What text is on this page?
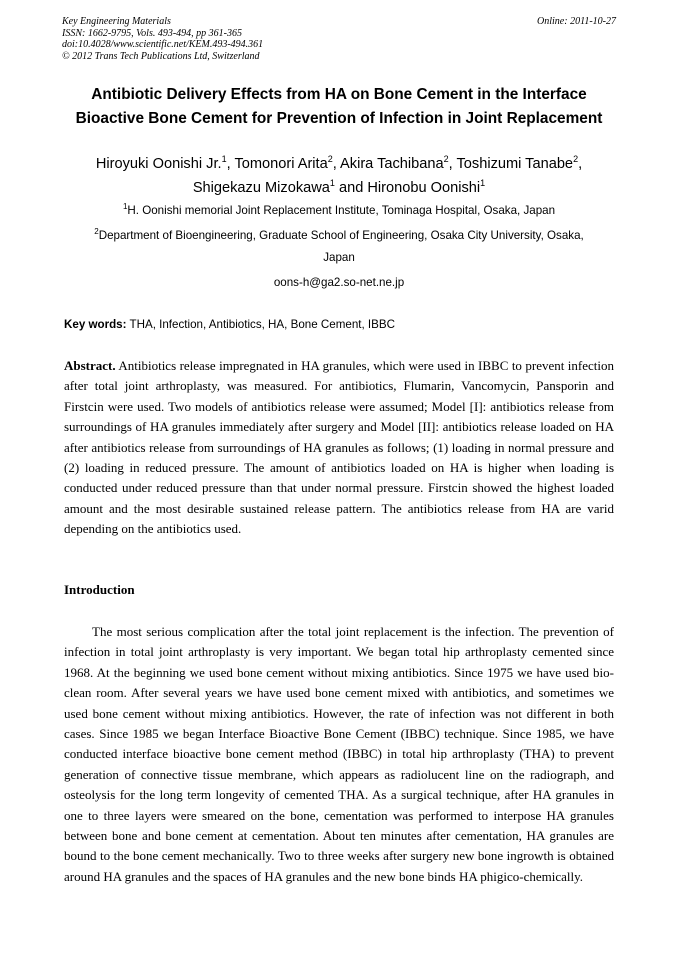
Key Engineering Materials	Online: 2011-10-27
ISSN: 1662-9795, Vols. 493-494, pp 361-365
doi:10.4028/www.scientific.net/KEM.493-494.361
© 2012 Trans Tech Publications Ltd, Switzerland
Antibiotic Delivery Effects from HA on Bone Cement in the Interface
Bioactive Bone Cement for Prevention of Infection in Joint Replacement
Hiroyuki Oonishi Jr.$^1$, Tomonori Arita$^2$, Akira Tachibana$^2$, Toshizumi Tanabe$^2$,
Shigekazu Mizokawa$^1$ and Hironobu Oonishi$^1$
$^1$H. Oonishi memorial Joint Replacement Institute, Tominaga Hospital, Osaka, Japan
$^2$Department of Bioengineering, Graduate School of Engineering, Osaka City University, Osaka,
Japan
oons-h@ga2.so-net.ne.jp
Key words: THA, Infection, Antibiotics, HA, Bone Cement, IBBC
Abstract. Antibiotics release impregnated in HA granules, which were used in IBBC to prevent infection after total joint arthroplasty, was measured. For antibiotics, Flumarin, Vancomycin, Pansporin and Firstcin were used. Two models of antibiotics release were assumed; Model [I]: antibiotics release from surroundings of HA granules immediately after surgery and Model [II]: antibiotics release loaded on HA after antibiotics release from surroundings of HA granules as follows; (1) loading in normal pressure and (2) loading in reduced pressure. The amount of antibiotics loaded on HA is higher when loading is conducted under reduced pressure than that under normal pressure. Firstcin showed the highest loaded amount and the most desirable sustained release pattern. The antibiotics release from HA are varid depending on the antibiotics used.
Introduction
The most serious complication after the total joint replacement is the infection. The prevention of infection in total joint arthroplasty is very important. We began total hip arthroplasty cemented since 1968. At the beginning we used bone cement without mixing antibiotics. Since 1975 we have used bio-clean room. After several years we have used bone cement mixed with antibiotics, and sometimes we used bone cement without mixing antibiotics. However, the rate of infection was not different in both cases. Since 1985 we began Interface Bioactive Bone Cement (IBBC) technique. Since 1985, we have conducted interface bioactive bone cement method (IBBC) in total hip arthroplasty (THA) to prevent generation of connective tissue membrane, which appears as radiolucent line on the radiograph, and osteolysis for the long term longevity of cemented THA. As a surgical technique, after HA granules in one to three layers were smeared on the bone, cementation was performed to interpose HA granules between bone and bone cement at cementation. About ten minutes after cementation, HA granules are bound to the bone cement mechanically. Two to three weeks after surgery new bone ingrowth is obtained around HA granules and the spaces of HA granules and the new bone binds HA phigico-chemically.
